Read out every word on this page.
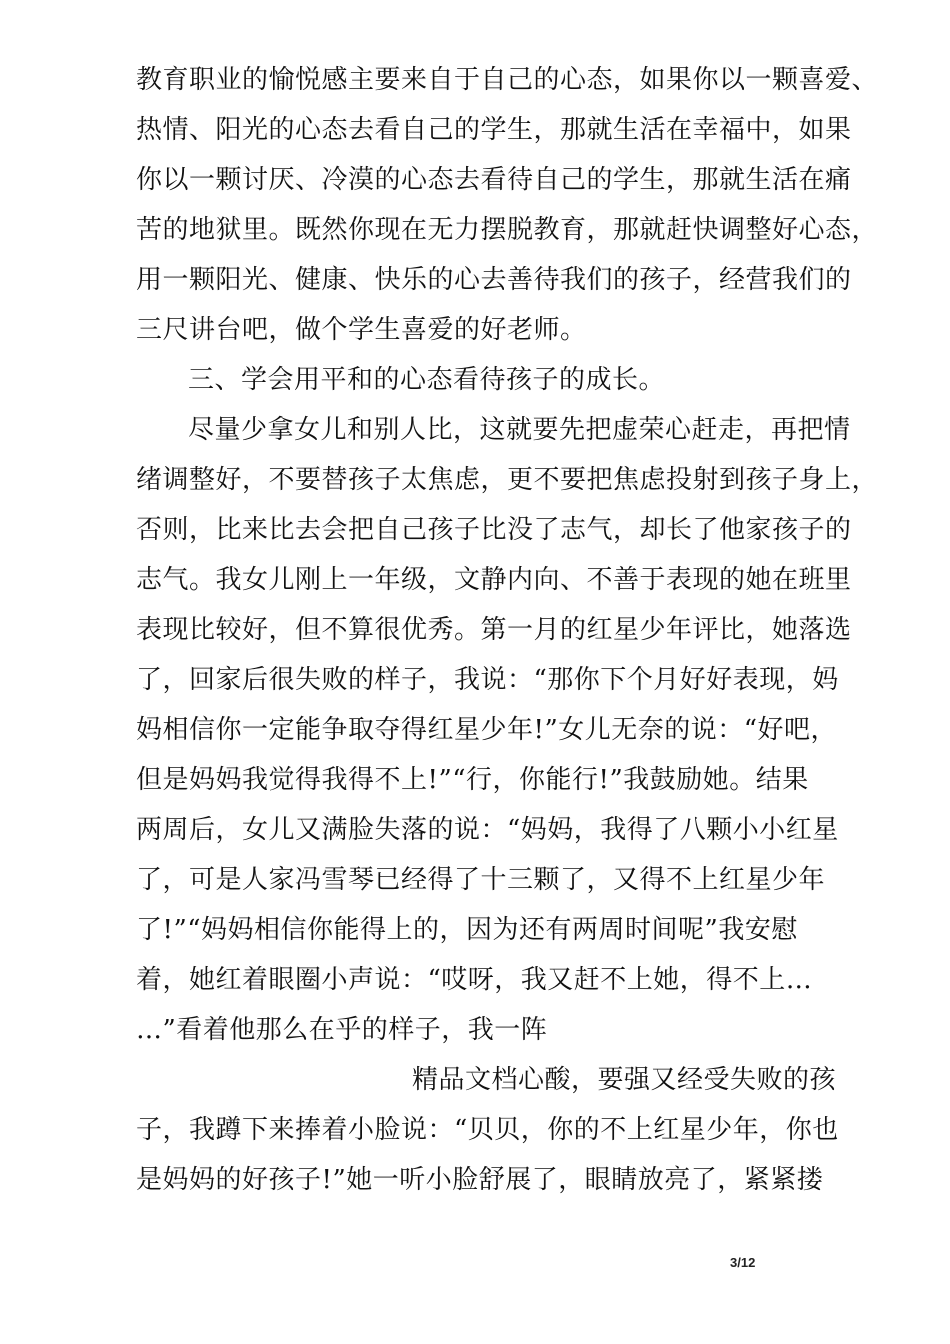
教育职业的愉悦感主要来自于自己的心态，如果你以一颗喜爱、
热情、阳光的心态去看自己的学生，那就生活在幸福中，如果
你以一颗讨厌、冷漠的心态去看待自己的学生，那就生活在痛
苦的地狱里。既然你现在无力摆脱教育，那就赶快调整好心态，
用一颗阳光、健康、快乐的心去善待我们的孩子，经营我们的
三尺讲台吧，做个学生喜爱的好老师。
三、学会用平和的心态看待孩子的成长。
尽量少拿女儿和别人比，这就要先把虚荣心赶走，再把情
绪调整好，不要替孩子太焦虑，更不要把焦虑投射到孩子身上，
否则，比来比去会把自己孩子比没了志气，却长了他家孩子的
志气。我女儿刚上一年级，文静内向、不善于表现的她在班里
表现比较好，但不算很优秀。第一月的红星少年评比，她落选
了，回家后很失败的样子，我说：“那你下个月好好表现，妈
妈相信你一定能争取夺得红星少年!”女儿无奈的说：“好吧，
但是妈妈我觉得我得不上!”“行，你能行!”我鼓励她。结果
两周后，女儿又满脸失落的说：“妈妈，我得了八颗小小红星
了，可是人家冯雪琴已经得了十三颗了，又得不上红星少年
了!”“妈妈相信你能得上的，因为还有两周时间呢”我安慰
着，她红着眼圈小声说：“哎呀，我又赶不上她，得不上…
…”看着他那么在乎的样子，我一阵
精品文档心酸，要强又经受失败的孩
子，我蹲下来捧着小脸说：“贝贝，你的不上红星少年，你也
是妈妈的好孩子!”她一听小脸舒展了，眼睛放亮了，紧紧搂
3/12
